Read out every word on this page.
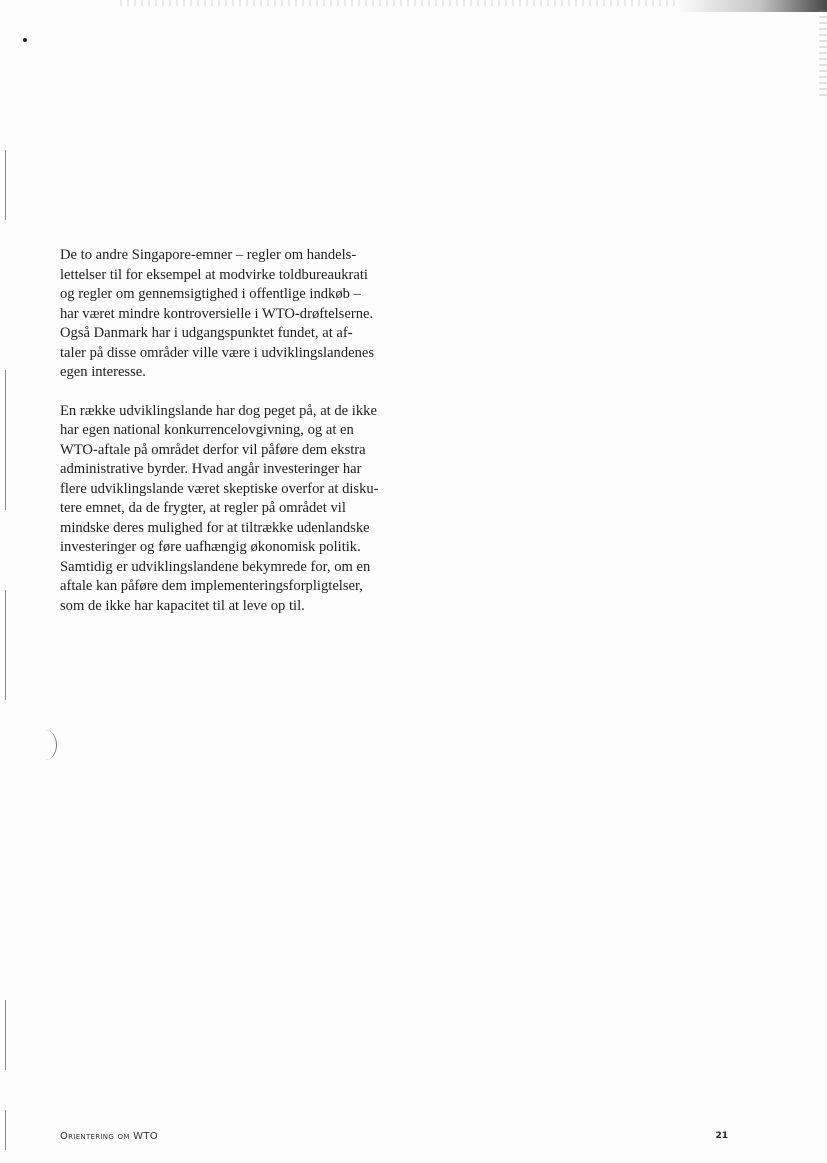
De to andre Singapore-emner – regler om handels-
lettelser til for eksempel at modvirke toldbureaukrati
og regler om gennemsigtighed i offentlige indkøb –
har været mindre kontroversielle i WTO-drøftelserne.
Også Danmark har i udgangspunktet fundet, at af-
taler på disse områder ville være i udviklingslandenes
egen interesse.

En række udviklingslande har dog peget på, at de ikke
har egen national konkurrencelovgivning, og at en
WTO-aftale på området derfor vil påføre dem ekstra
administrative byrder. Hvad angår investeringer har
flere udviklingslande været skeptiske overfor at disku-
tere emnet, da de frygter, at regler på området vil
mindske deres mulighed for at tiltrække udenlandske
investeringer og føre uafhængig økonomisk politik.
Samtidig er udviklingslandene bekymrede for, om en
aftale kan påføre dem implementeringsforpligtelser,
som de ikke har kapacitet til at leve op til.

Orientering om WTO	21
